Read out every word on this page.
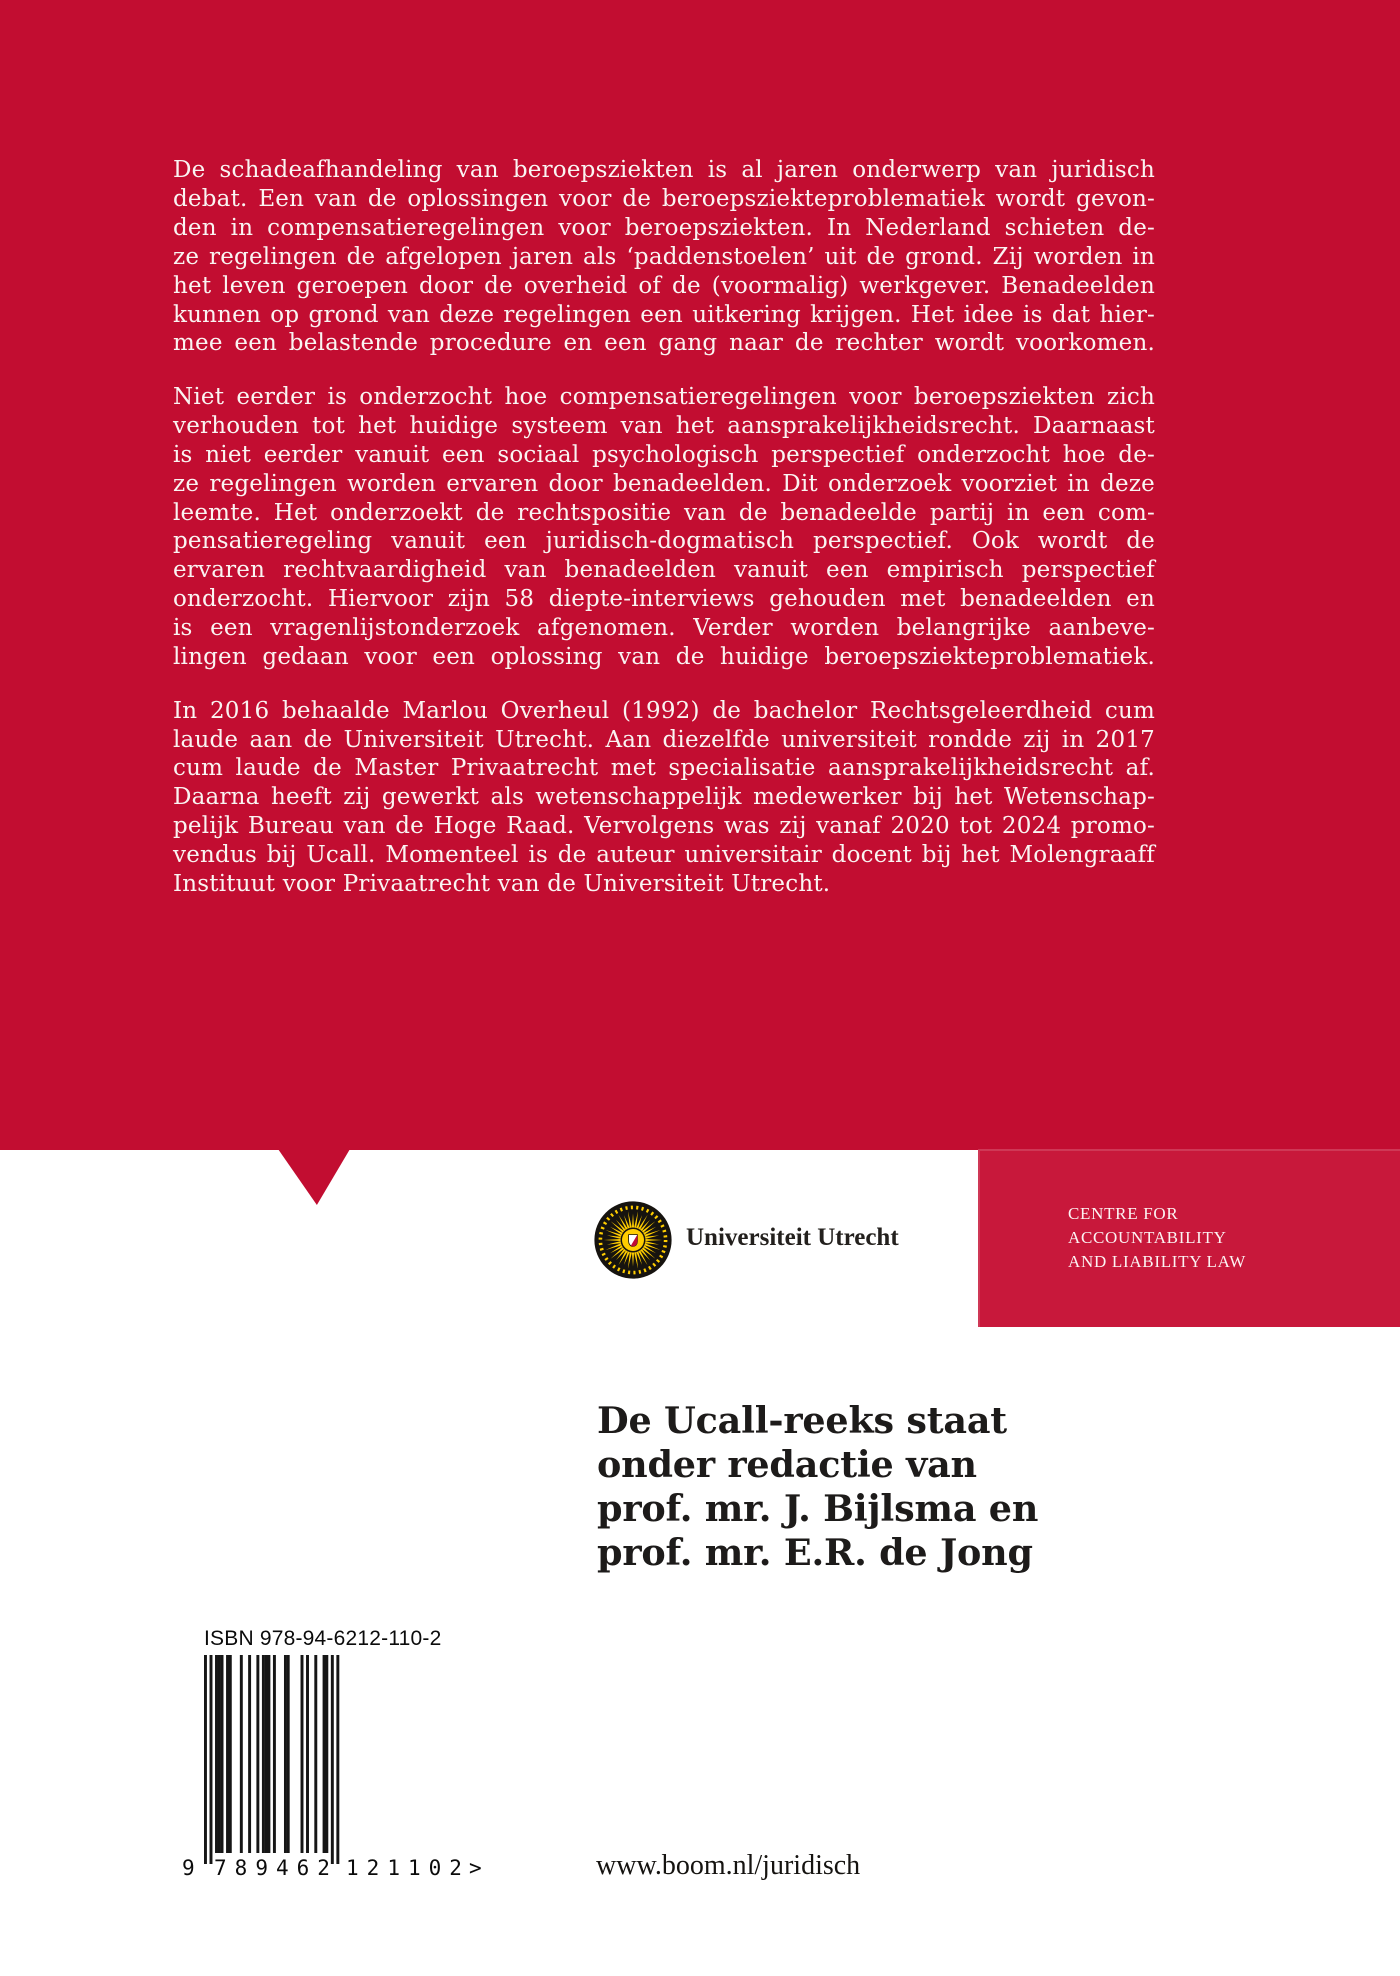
De schadeafhandeling van beroepsziekten is al jaren onderwerp van juridisch
debat. Een van de oplossingen voor de beroepsziekteproblematiek wordt gevon-
den in compensatieregelingen voor beroepsziekten. In Nederland schieten de-
ze regelingen de afgelopen jaren als ‘paddenstoelen’ uit de grond. Zij worden in
het leven geroepen door de overheid of de (voormalig) werkgever. Benadeelden
kunnen op grond van deze regelingen een uitkering krijgen. Het idee is dat hier-
mee een belastende procedure en een gang naar de rechter wordt voorkomen.
Niet eerder is onderzocht hoe compensatieregelingen voor beroepsziekten zich
verhouden tot het huidige systeem van het aansprakelijkheidsrecht. Daarnaast
is niet eerder vanuit een sociaal psychologisch perspectief onderzocht hoe de-
ze regelingen worden ervaren door benadeelden. Dit onderzoek voorziet in deze
leemte. Het onderzoekt de rechtspositie van de benadeelde partij in een com-
pensatieregeling vanuit een juridisch-dogmatisch perspectief. Ook wordt de
ervaren rechtvaardigheid van benadeelden vanuit een empirisch perspectief
onderzocht. Hiervoor zijn 58 diepte-interviews gehouden met benadeelden en
is een vragenlijstonderzoek afgenomen. Verder worden belangrijke aanbeve-
lingen gedaan voor een oplossing van de huidige beroepsziekteproblematiek.
In 2016 behaalde Marlou Overheul (1992) de bachelor Rechtsgeleerdheid cum
laude aan de Universiteit Utrecht. Aan diezelfde universiteit rondde zij in 2017
cum laude de Master Privaatrecht met specialisatie aansprakelijkheidsrecht af.
Daarna heeft zij gewerkt als wetenschappelijk medewerker bij het Wetenschap-
pelijk Bureau van de Hoge Raad. Vervolgens was zij vanaf 2020 tot 2024 promo-
vendus bij Ucall. Momenteel is de auteur universitair docent bij het Molengraaff
Instituut voor Privaatrecht van de Universiteit Utrecht.
CENTRE FOR
ACCOUNTABILITY
AND LIABILITY LAW
Universiteit Utrecht
De Ucall-reeks staat
onder redactie van
prof. mr. J. Bijlsma en
prof. mr. E.R. de Jong
ISBN 978-94-6212-110-2
9 7 8 9 4 6 2 1 2 1 1 0 2 >	www.boom.nl/juridisch
